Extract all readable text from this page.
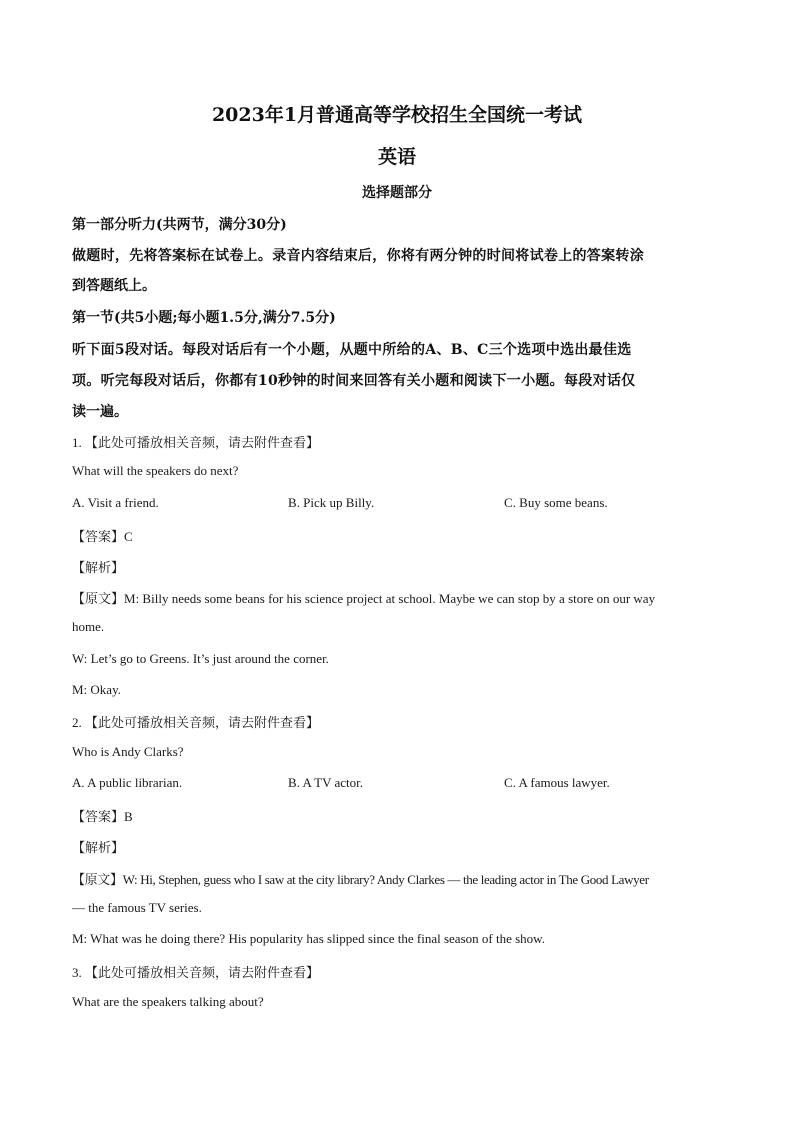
2023年1月普通高等学校招生全国统一考试
英语
选择题部分
第一部分听力(共两节，满分30分)
做题时，先将答案标在试卷上。录音内容结束后，你将有两分钟的时间将试卷上的答案转涂
到答题纸上。
第一节(共5小题;每小题1.5分,满分7.5分)
听下面5段对话。每段对话后有一个小题，从题中所给的A、B、C三个选项中选出最佳选
项。听完每段对话后，你都有10秒钟的时间来回答有关小题和阅读下一小题。每段对话仅
读一遍。
1. 【此处可播放相关音频，请去附件查看】
What will the speakers do next?
A. Visit a friend.	B. Pick up Billy.	C. Buy some beans.
【答案】C
【解析】
【原文】M: Billy needs some beans for his science project at school. Maybe we can stop by a store on our way
home.
W: Let’s go to Greens. It’s just around the corner.
M: Okay.
2. 【此处可播放相关音频，请去附件查看】
Who is Andy Clarks?
A. A public librarian.	B. A TV actor.	C. A famous lawyer.
【答案】B
【解析】
【原文】W: Hi, Stephen, guess who I saw at the city library? Andy Clarkes — the leading actor in The Good Lawyer
— the famous TV series.
M: What was he doing there? His popularity has slipped since the final season of the show.
3. 【此处可播放相关音频，请去附件查看】
What are the speakers talking about?
